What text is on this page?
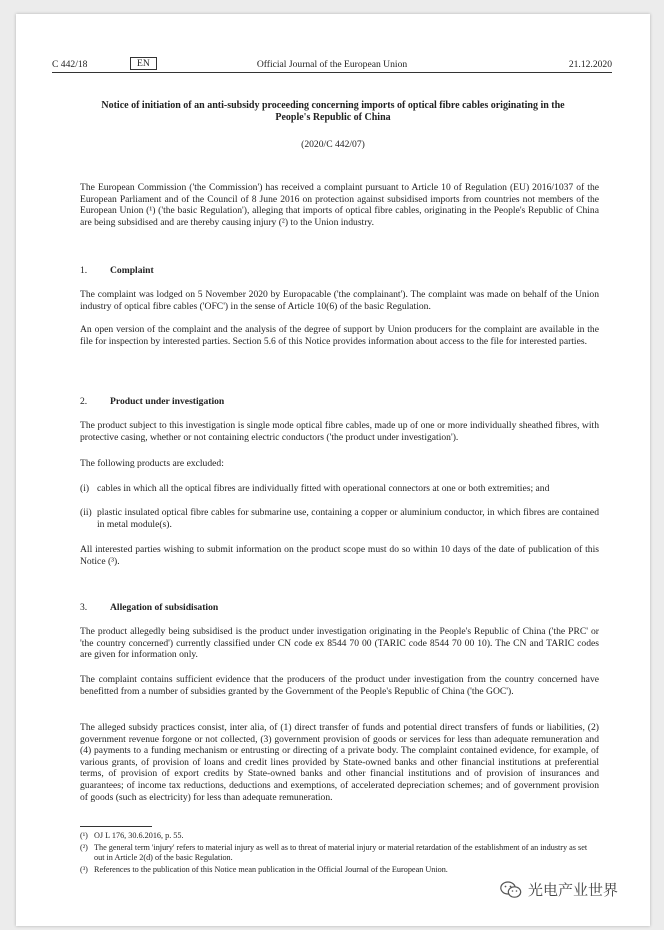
C 442/18	EN	Official Journal of the European Union	21.12.2020
Notice of initiation of an anti-subsidy proceeding concerning imports of optical fibre cables originating in the People's Republic of China
(2020/C 442/07)

The European Commission ('the Commission') has received a complaint pursuant to Article 10 of Regulation (EU) 2016/1037 of the European Parliament and of the Council of 8 June 2016 on protection against subsidised imports from countries not members of the European Union (¹) ('the basic Regulation'), alleging that imports of optical fibre cables, originating in the People's Republic of China are being subsidised and are thereby causing injury (²) to the Union industry.

1. Complaint

The complaint was lodged on 5 November 2020 by Europacable ('the complainant'). The complaint was made on behalf of the Union industry of optical fibre cables ('OFC') in the sense of Article 10(6) of the basic Regulation.

An open version of the complaint and the analysis of the degree of support by Union producers for the complaint are available in the file for inspection by interested parties. Section 5.6 of this Notice provides information about access to the file for interested parties.

2. Product under investigation

The product subject to this investigation is single mode optical fibre cables, made up of one or more individually sheathed fibres, with protective casing, whether or not containing electric conductors ('the product under investigation').

The following products are excluded:

(i) cables in which all the optical fibres are individually fitted with operational connectors at one or both extremities; and
(ii) plastic insulated optical fibre cables for submarine use, containing a copper or aluminium conductor, in which fibres are contained in metal module(s).

All interested parties wishing to submit information on the product scope must do so within 10 days of the date of publication of this Notice (³).

3. Allegation of subsidisation

The product allegedly being subsidised is the product under investigation originating in the People's Republic of China ('the PRC' or 'the country concerned') currently classified under CN code ex 8544 70 00 (TARIC code 8544 70 00 10). The CN and TARIC codes are given for information only.

The complaint contains sufficient evidence that the producers of the product under investigation from the country concerned have benefitted from a number of subsidies granted by the Government of the People's Republic of China ('the GOC').

The alleged subsidy practices consist, inter alia, of (1) direct transfer of funds and potential direct transfers of funds or liabilities, (2) government revenue forgone or not collected, (3) government provision of goods or services for less than adequate remuneration and (4) payments to a funding mechanism or entrusting or directing of a private body. The complaint contained evidence, for example, of various grants, of provision of loans and credit lines provided by State-owned banks and other financial institutions at preferential terms, of provision of export credits by State-owned banks and other financial institutions and of provision of insurances and guarantees; of income tax reductions, deductions and exemptions, of accelerated depreciation schemes; and of government provision of goods (such as electricity) for less than adequate remuneration.

(¹) OJ L 176, 30.6.2016, p. 55.
(²) The general term 'injury' refers to material injury as well as to threat of material injury or material retardation of the establishment of an industry as set out in Article 2(d) of the basic Regulation.
(³) References to the publication of this Notice mean publication in the Official Journal of the European Union.
光电产业世界
